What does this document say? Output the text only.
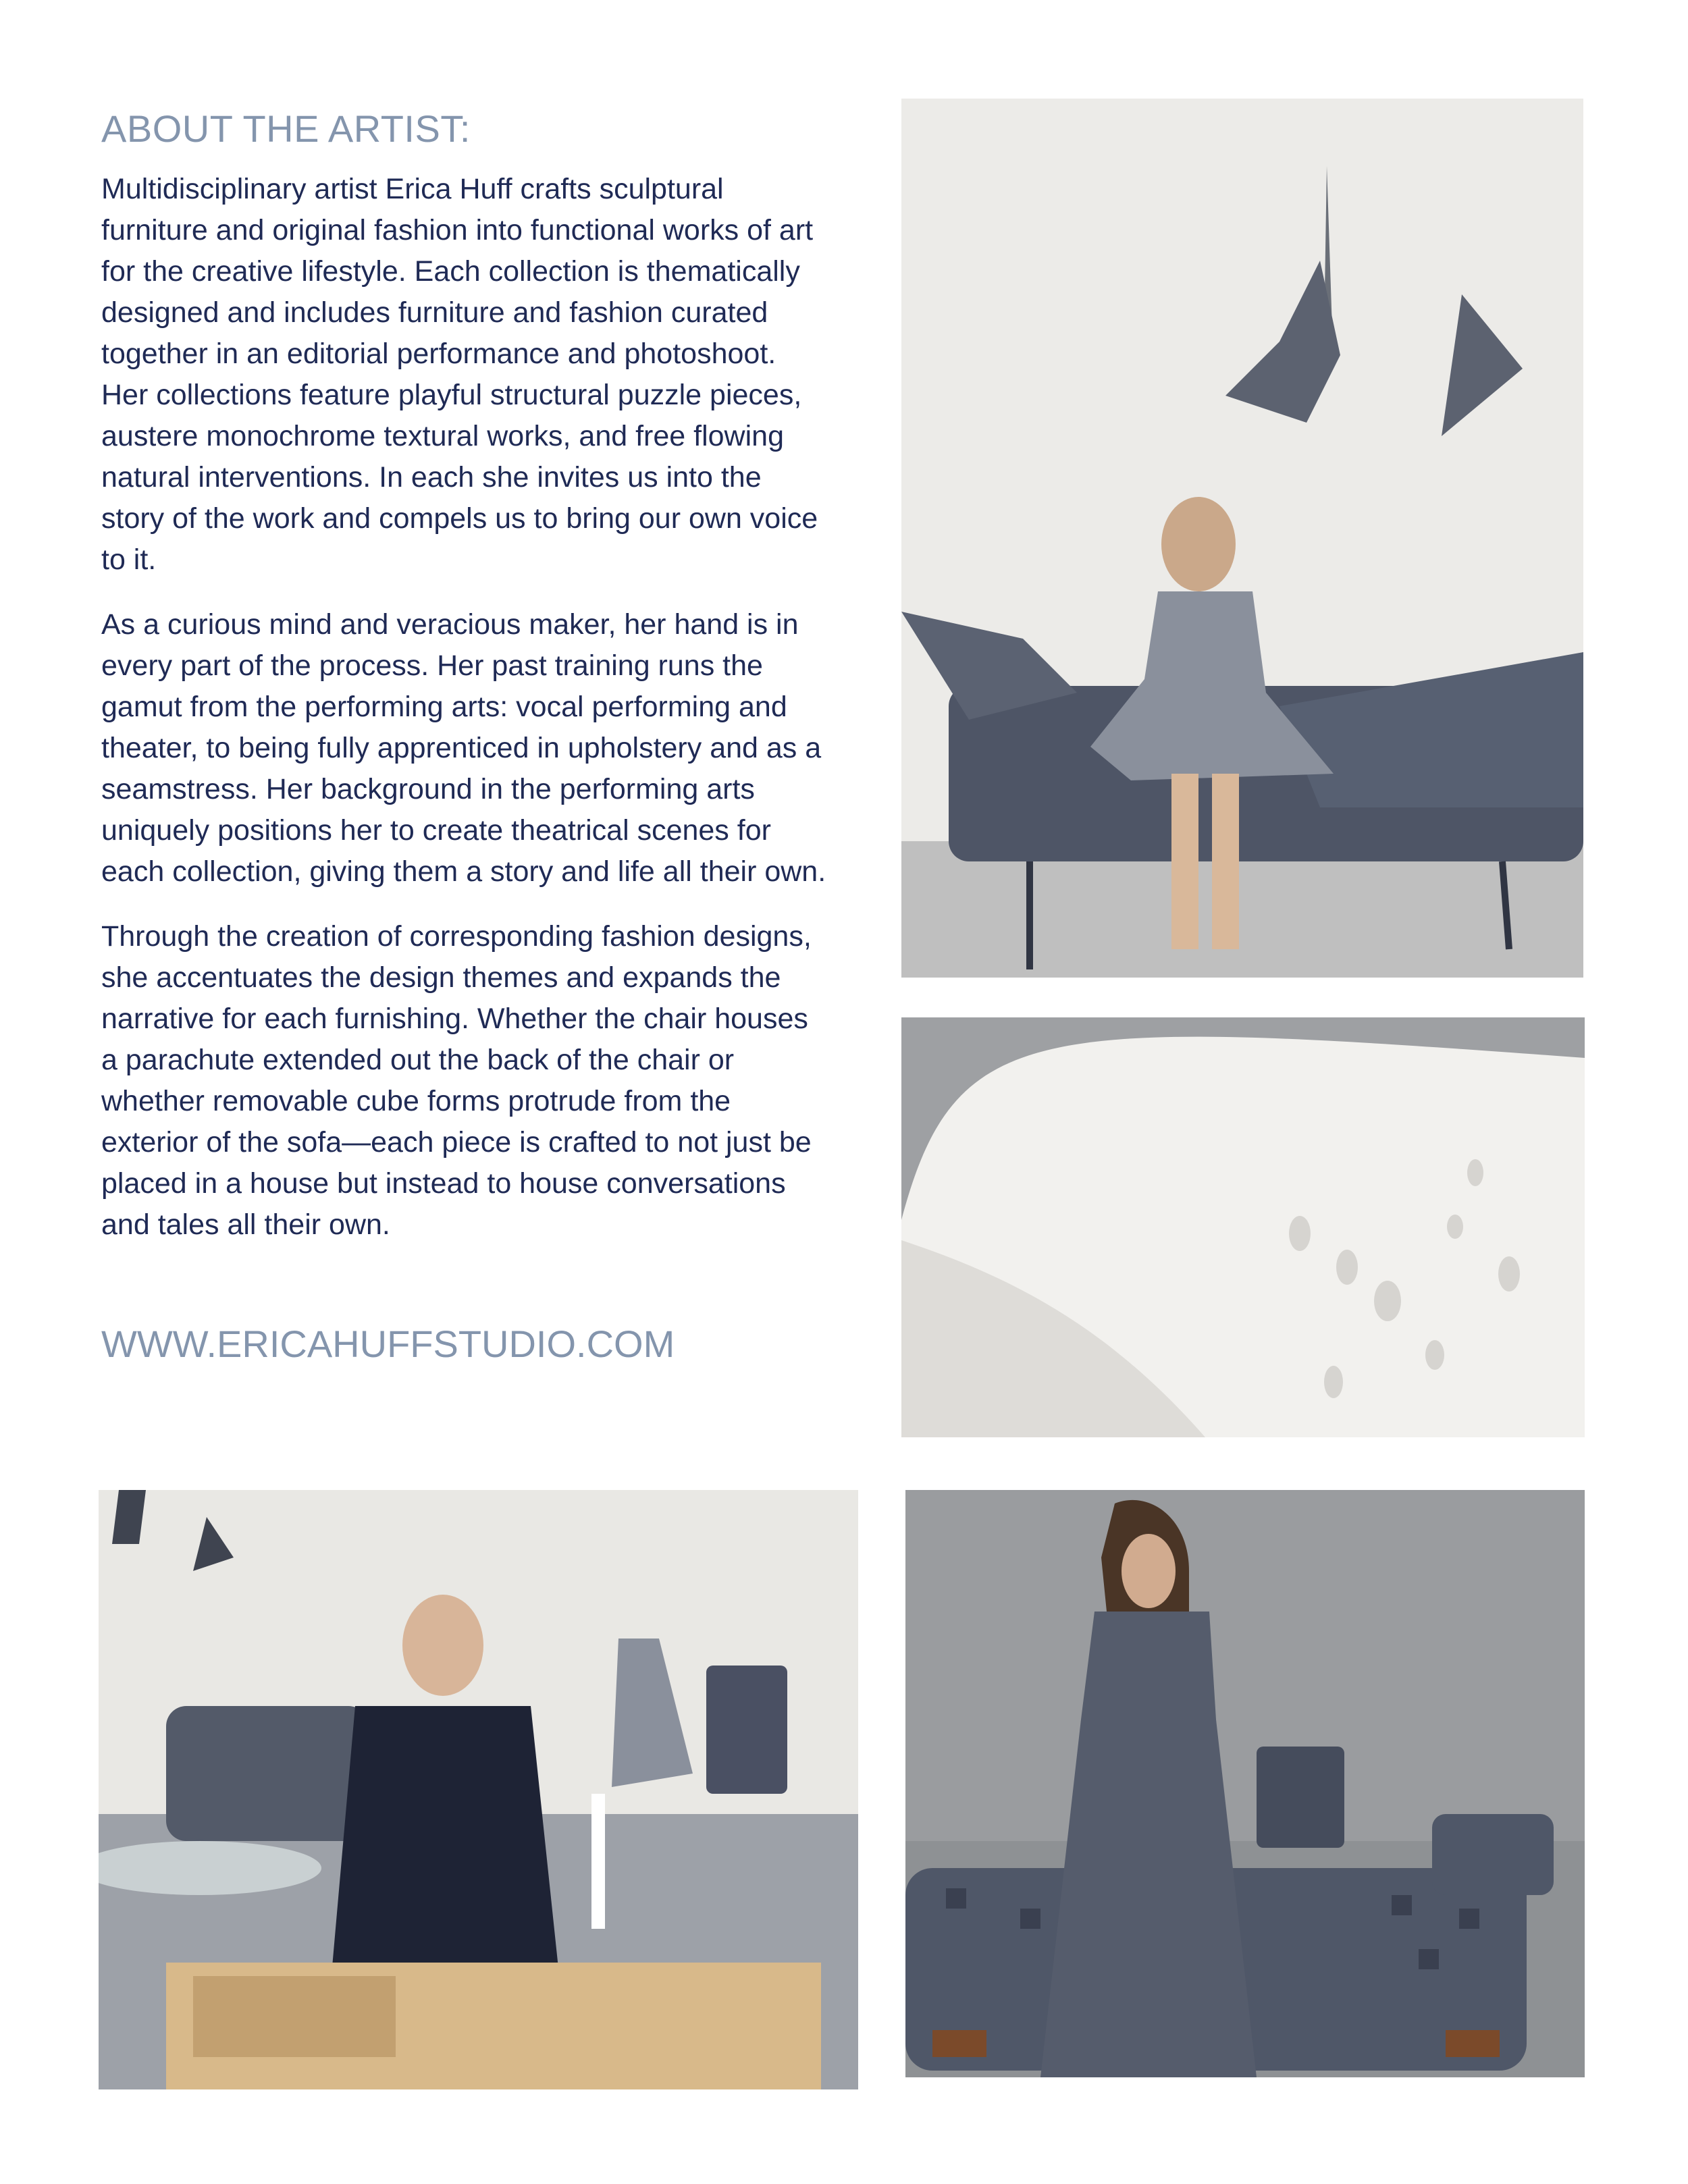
ABOUT THE ARTIST:

Multidisciplinary artist Erica Huff crafts sculptural furniture and original fashion into functional works of art for the creative lifestyle. Each collection is thematically designed and includes furniture and fashion curated together in an editorial performance and photoshoot. Her collections feature playful structural puzzle pieces, austere monochrome textural works, and free flowing natural interventions. In each she invites us into the story of the work and compels us to bring our own voice to it.

As a curious mind and veracious maker, her hand is in every part of the process. Her past training runs the gamut from the performing arts: vocal performing and theater, to being fully apprenticed in upholstery and as a seamstress. Her background in the performing arts uniquely positions her to create theatrical scenes for each collection, giving them a story and life all their own.

Through the creation of corresponding fashion designs, she accentuates the design themes and expands the narrative for each furnishing. Whether the chair houses a parachute extended out the back of the chair or whether removable cube forms protrude from the exterior of the sofa—each piece is crafted to not just be placed in a house but instead to house conversations and tales all their own.

WWW.ERICAHUFFSTUDIO.COM
